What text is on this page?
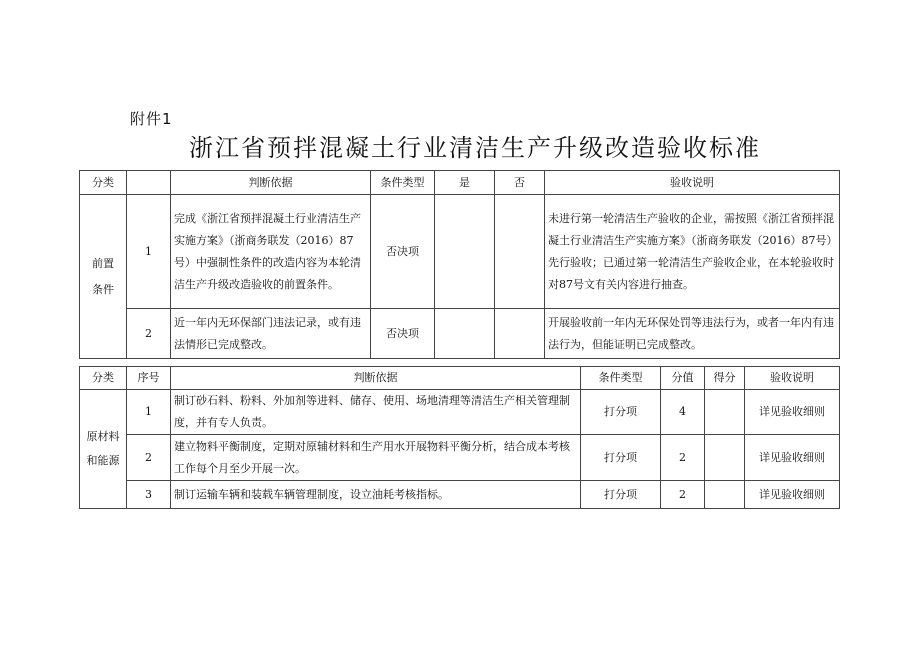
附件1
浙江省预拌混凝土行业清洁生产升级改造验收标准
分类		判断依据	条件类型	是	否	验收说明

前置条件	1	完成《浙江省预拌混凝土行业清洁生产实施方案》（浙商务联发（2016）87号）中强制性条件的改造内容为本轮清洁生产升级改造验收的前置条件。	否决项			未进行第一轮清洁生产验收的企业，需按照《浙江省预拌混凝土行业清洁生产实施方案》（浙商务联发（2016）87号）先行验收；已通过第一轮清洁生产验收企业，在本轮验收时对87号文有关内容进行抽查。
	2	近一年内无环保部门违法记录，或有违法情形已完成整改。	否决项			开展验收前一年内无环保处罚等违法行为，或者一年内有违法行为，但能证明已完成整改。
分类	序号	判断依据	条件类型	分值	得分	验收说明

原材料和能源	1	制订砂石料、粉料、外加剂等进料、储存、使用、场地清理等清洁生产相关管理制度，并有专人负责。	打分项	4		详见验收细则
	2	建立物料平衡制度，定期对原辅材料和生产用水开展物料平衡分析，结合成本考核工作每个月至少开展一次。	打分项	2		详见验收细则
	3	制订运输车辆和装载车辆管理制度，设立油耗考核指标。	打分项	2		详见验收细则
